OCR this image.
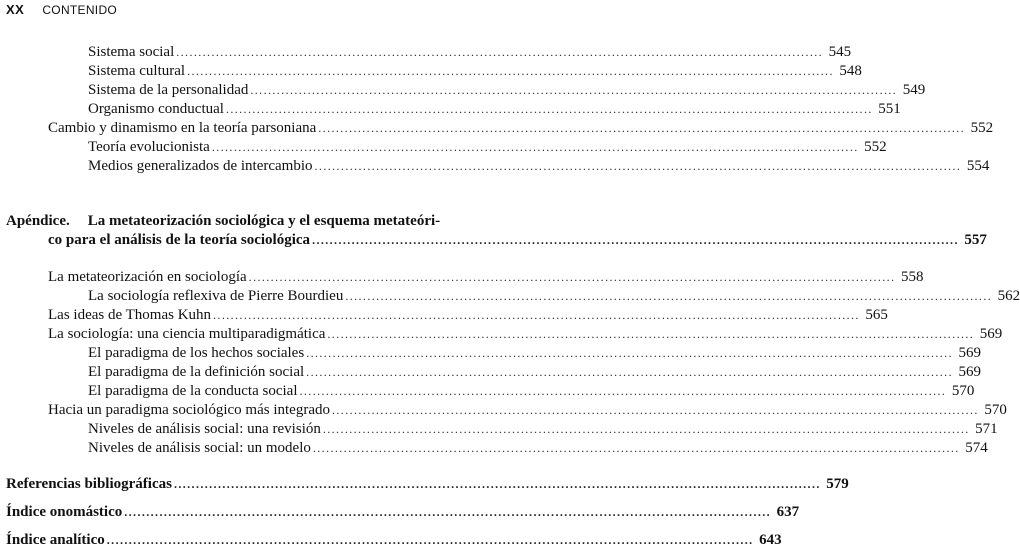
XX CONTENIDO
Sistema social ................................................................................................................................................... 545
Sistema cultural ................................................................................................................................................... 548
Sistema de la personalidad ................................................................................................................................................... 549
Organismo conductual ................................................................................................................................................... 551
Cambio y dinamismo en la teoría parsoniana ................................................................................................................................................... 552
Teoría evolucionista ................................................................................................................................................... 552
Medios generalizados de intercambio ................................................................................................................................................... 554
Apéndice. La metateorización sociológica y el esquema metateóri-
co para el análisis de la teoría sociológica ................................................................................................................................................... 557
La metateorización en sociología ................................................................................................................................................... 558
La sociología reflexiva de Pierre Bourdieu ................................................................................................................................................... 562
Las ideas de Thomas Kuhn ................................................................................................................................................... 565
La sociología: una ciencia multiparadigmática ................................................................................................................................................... 569
El paradigma de los hechos sociales ................................................................................................................................................... 569
El paradigma de la definición social ................................................................................................................................................... 569
El paradigma de la conducta social ................................................................................................................................................... 570
Hacia un paradigma sociológico más integrado ................................................................................................................................................... 570
Niveles de análisis social: una revisión ................................................................................................................................................... 571
Niveles de análisis social: un modelo ................................................................................................................................................... 574
Referencias bibliográficas ................................................................................................................................................... 579
Índice onomástico ................................................................................................................................................... 637
Índice analítico ................................................................................................................................................... 643
